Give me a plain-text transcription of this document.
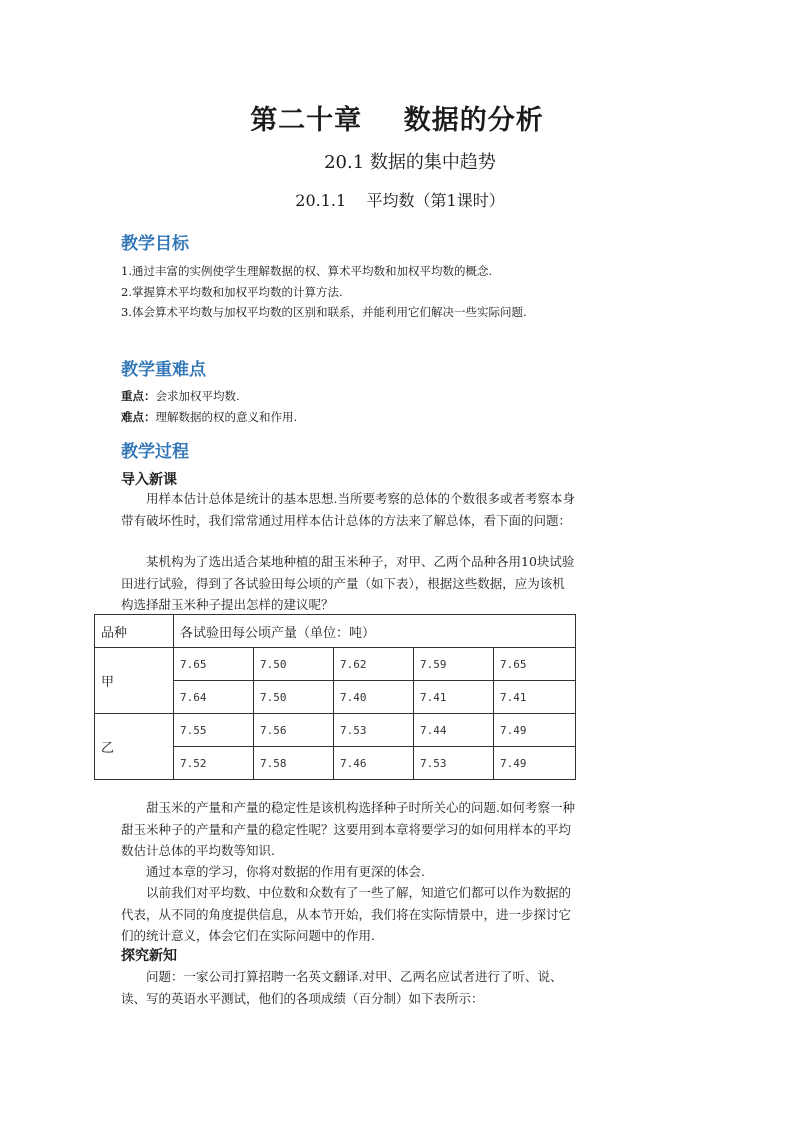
第二十章    数据的分析
20.1 数据的集中趋势
20.1.1    平均数（第1课时）
教学目标

1.通过丰富的实例使学生理解数据的权、算术平均数和加权平均数的概念.

2.掌握算术平均数和加权平均数的计算方法.

3.体会算术平均数与加权平均数的区别和联系，并能利用它们解决一些实际问题.

教学重难点

重点：会求加权平均数.

难点：理解数据的权的意义和作用.

教学过程
导入新课

用样本估计总体是统计的基本思想.当所要考察的总体的个数很多或者考察本身带有破坏性时，我们常常通过用样本估计总体的方法来了解总体，看下面的问题：

某机构为了选出适合某地种植的甜玉米种子，对甲、乙两个品种各用10块试验田进行试验，得到了各试验田每公顷的产量（如下表），根据这些数据，应为该机构选择甜玉米种子提出怎样的建议呢？

品种	各试验田每公顷产量（单位：吨）				
甲	7.65	7.50	7.62	7.59	7.65
	7.64	7.50	7.40	7.41	7.41
乙	7.55	7.56	7.53	7.44	7.49
	7.52	7.58	7.46	7.53	7.49

甜玉米的产量和产量的稳定性是该机构选择种子时所关心的问题.如何考察一种甜玉米种子的产量和产量的稳定性呢？这要用到本章将要学习的如何用样本的平均数估计总体的平均数等知识.

通过本章的学习，你将对数据的作用有更深的体会.

以前我们对平均数、中位数和众数有了一些了解，知道它们都可以作为数据的代表，从不同的角度提供信息，从本节开始，我们将在实际情景中，进一步探讨它们的统计意义，体会它们在实际问题中的作用.

探究新知

问题：一家公司打算招聘一名英文翻译.对甲、乙两名应试者进行了听、说、读、写的英语水平测试，他们的各项成绩（百分制）如下表所示：
